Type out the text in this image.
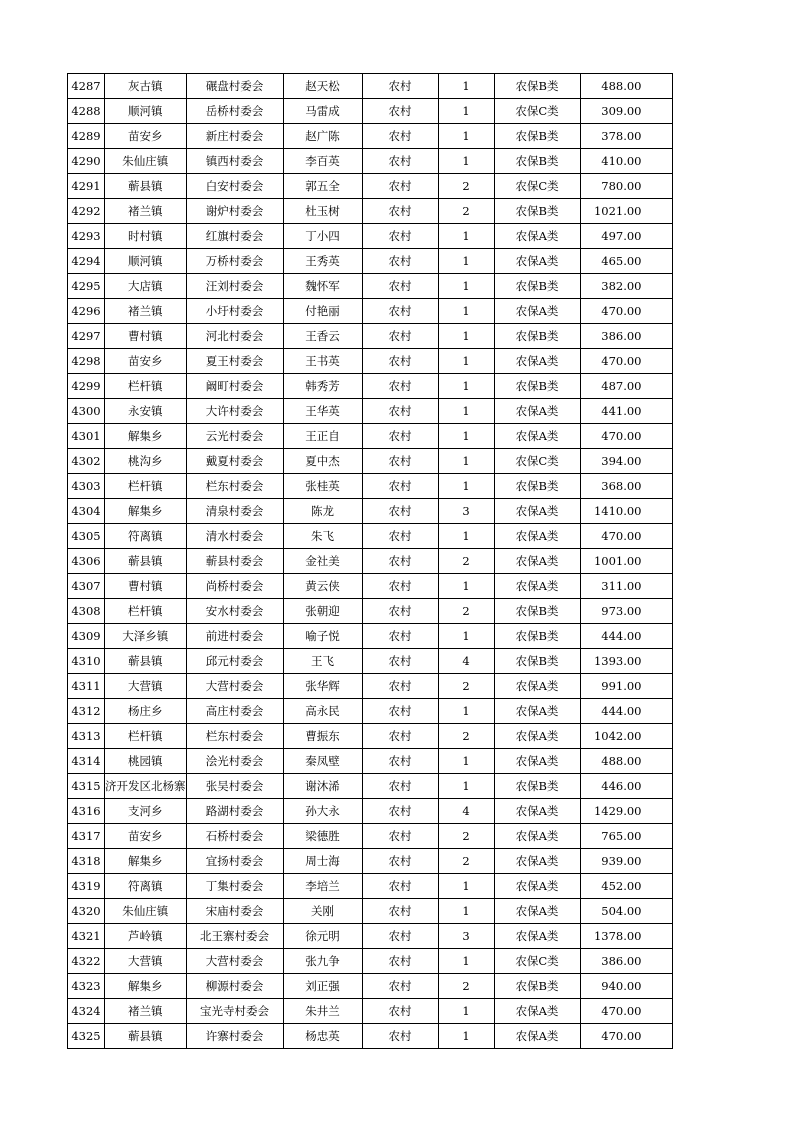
4287	灰古镇	碾盘村委会	赵天松	农村	1	农保B类	488.00
4288	顺河镇	岳桥村委会	马雷成	农村	1	农保C类	309.00
4289	苗安乡	新庄村委会	赵广陈	农村	1	农保B类	378.00
4290	朱仙庄镇	镇西村委会	李百英	农村	1	农保B类	410.00
4291	蕲县镇	白安村委会	郭五全	农村	2	农保C类	780.00
4292	褚兰镇	谢炉村委会	杜玉树	农村	2	农保B类	1021.00
4293	时村镇	红旗村委会	丁小四	农村	1	农保A类	497.00
4294	顺河镇	万桥村委会	王秀英	农村	1	农保A类	465.00
4295	大店镇	汪刘村委会	魏怀军	农村	1	农保B类	382.00
4296	褚兰镇	小圩村委会	付艳丽	农村	1	农保A类	470.00
4297	曹村镇	河北村委会	王香云	农村	1	农保B类	386.00
4298	苗安乡	夏王村委会	王书英	农村	1	农保A类	470.00
4299	栏杆镇	阚町村委会	韩秀芳	农村	1	农保B类	487.00
4300	永安镇	大许村委会	王华英	农村	1	农保A类	441.00
4301	解集乡	云光村委会	王正自	农村	1	农保A类	470.00
4302	桃沟乡	戴夏村委会	夏中杰	农村	1	农保C类	394.00
4303	栏杆镇	栏东村委会	张桂英	农村	1	农保B类	368.00
4304	解集乡	清泉村委会	陈龙	农村	3	农保A类	1410.00
4305	符离镇	清水村委会	朱飞	农村	1	农保A类	470.00
4306	蕲县镇	蕲县村委会	金社美	农村	2	农保A类	1001.00
4307	曹村镇	尚桥村委会	黄云侠	农村	1	农保A类	311.00
4308	栏杆镇	安水村委会	张朝迎	农村	2	农保B类	973.00
4309	大泽乡镇	前进村委会	喻子悦	农村	1	农保B类	444.00
4310	蕲县镇	邱元村委会	王飞	农村	4	农保B类	1393.00
4311	大营镇	大营村委会	张华辉	农村	2	农保A类	991.00
4312	杨庄乡	高庄村委会	高永民	农村	1	农保A类	444.00
4313	栏杆镇	栏东村委会	曹振东	农村	2	农保A类	1042.00
4314	桃园镇	浍光村委会	秦凤壁	农村	1	农保A类	488.00
4315	济开发区北杨寨	张吴村委会	谢沐浠	农村	1	农保B类	446.00
4316	支河乡	路湖村委会	孙大永	农村	4	农保A类	1429.00
4317	苗安乡	石桥村委会	梁德胜	农村	2	农保A类	765.00
4318	解集乡	宜扬村委会	周士海	农村	2	农保A类	939.00
4319	符离镇	丁集村委会	李培兰	农村	1	农保A类	452.00
4320	朱仙庄镇	宋庙村委会	关刚	农村	1	农保A类	504.00
4321	芦岭镇	北王寨村委会	徐元明	农村	3	农保A类	1378.00
4322	大营镇	大营村委会	张九争	农村	1	农保C类	386.00
4323	解集乡	柳源村委会	刘正强	农村	2	农保B类	940.00
4324	褚兰镇	宝光寺村委会	朱井兰	农村	1	农保A类	470.00
4325	蕲县镇	许寨村委会	杨忠英	农村	1	农保A类	470.00
